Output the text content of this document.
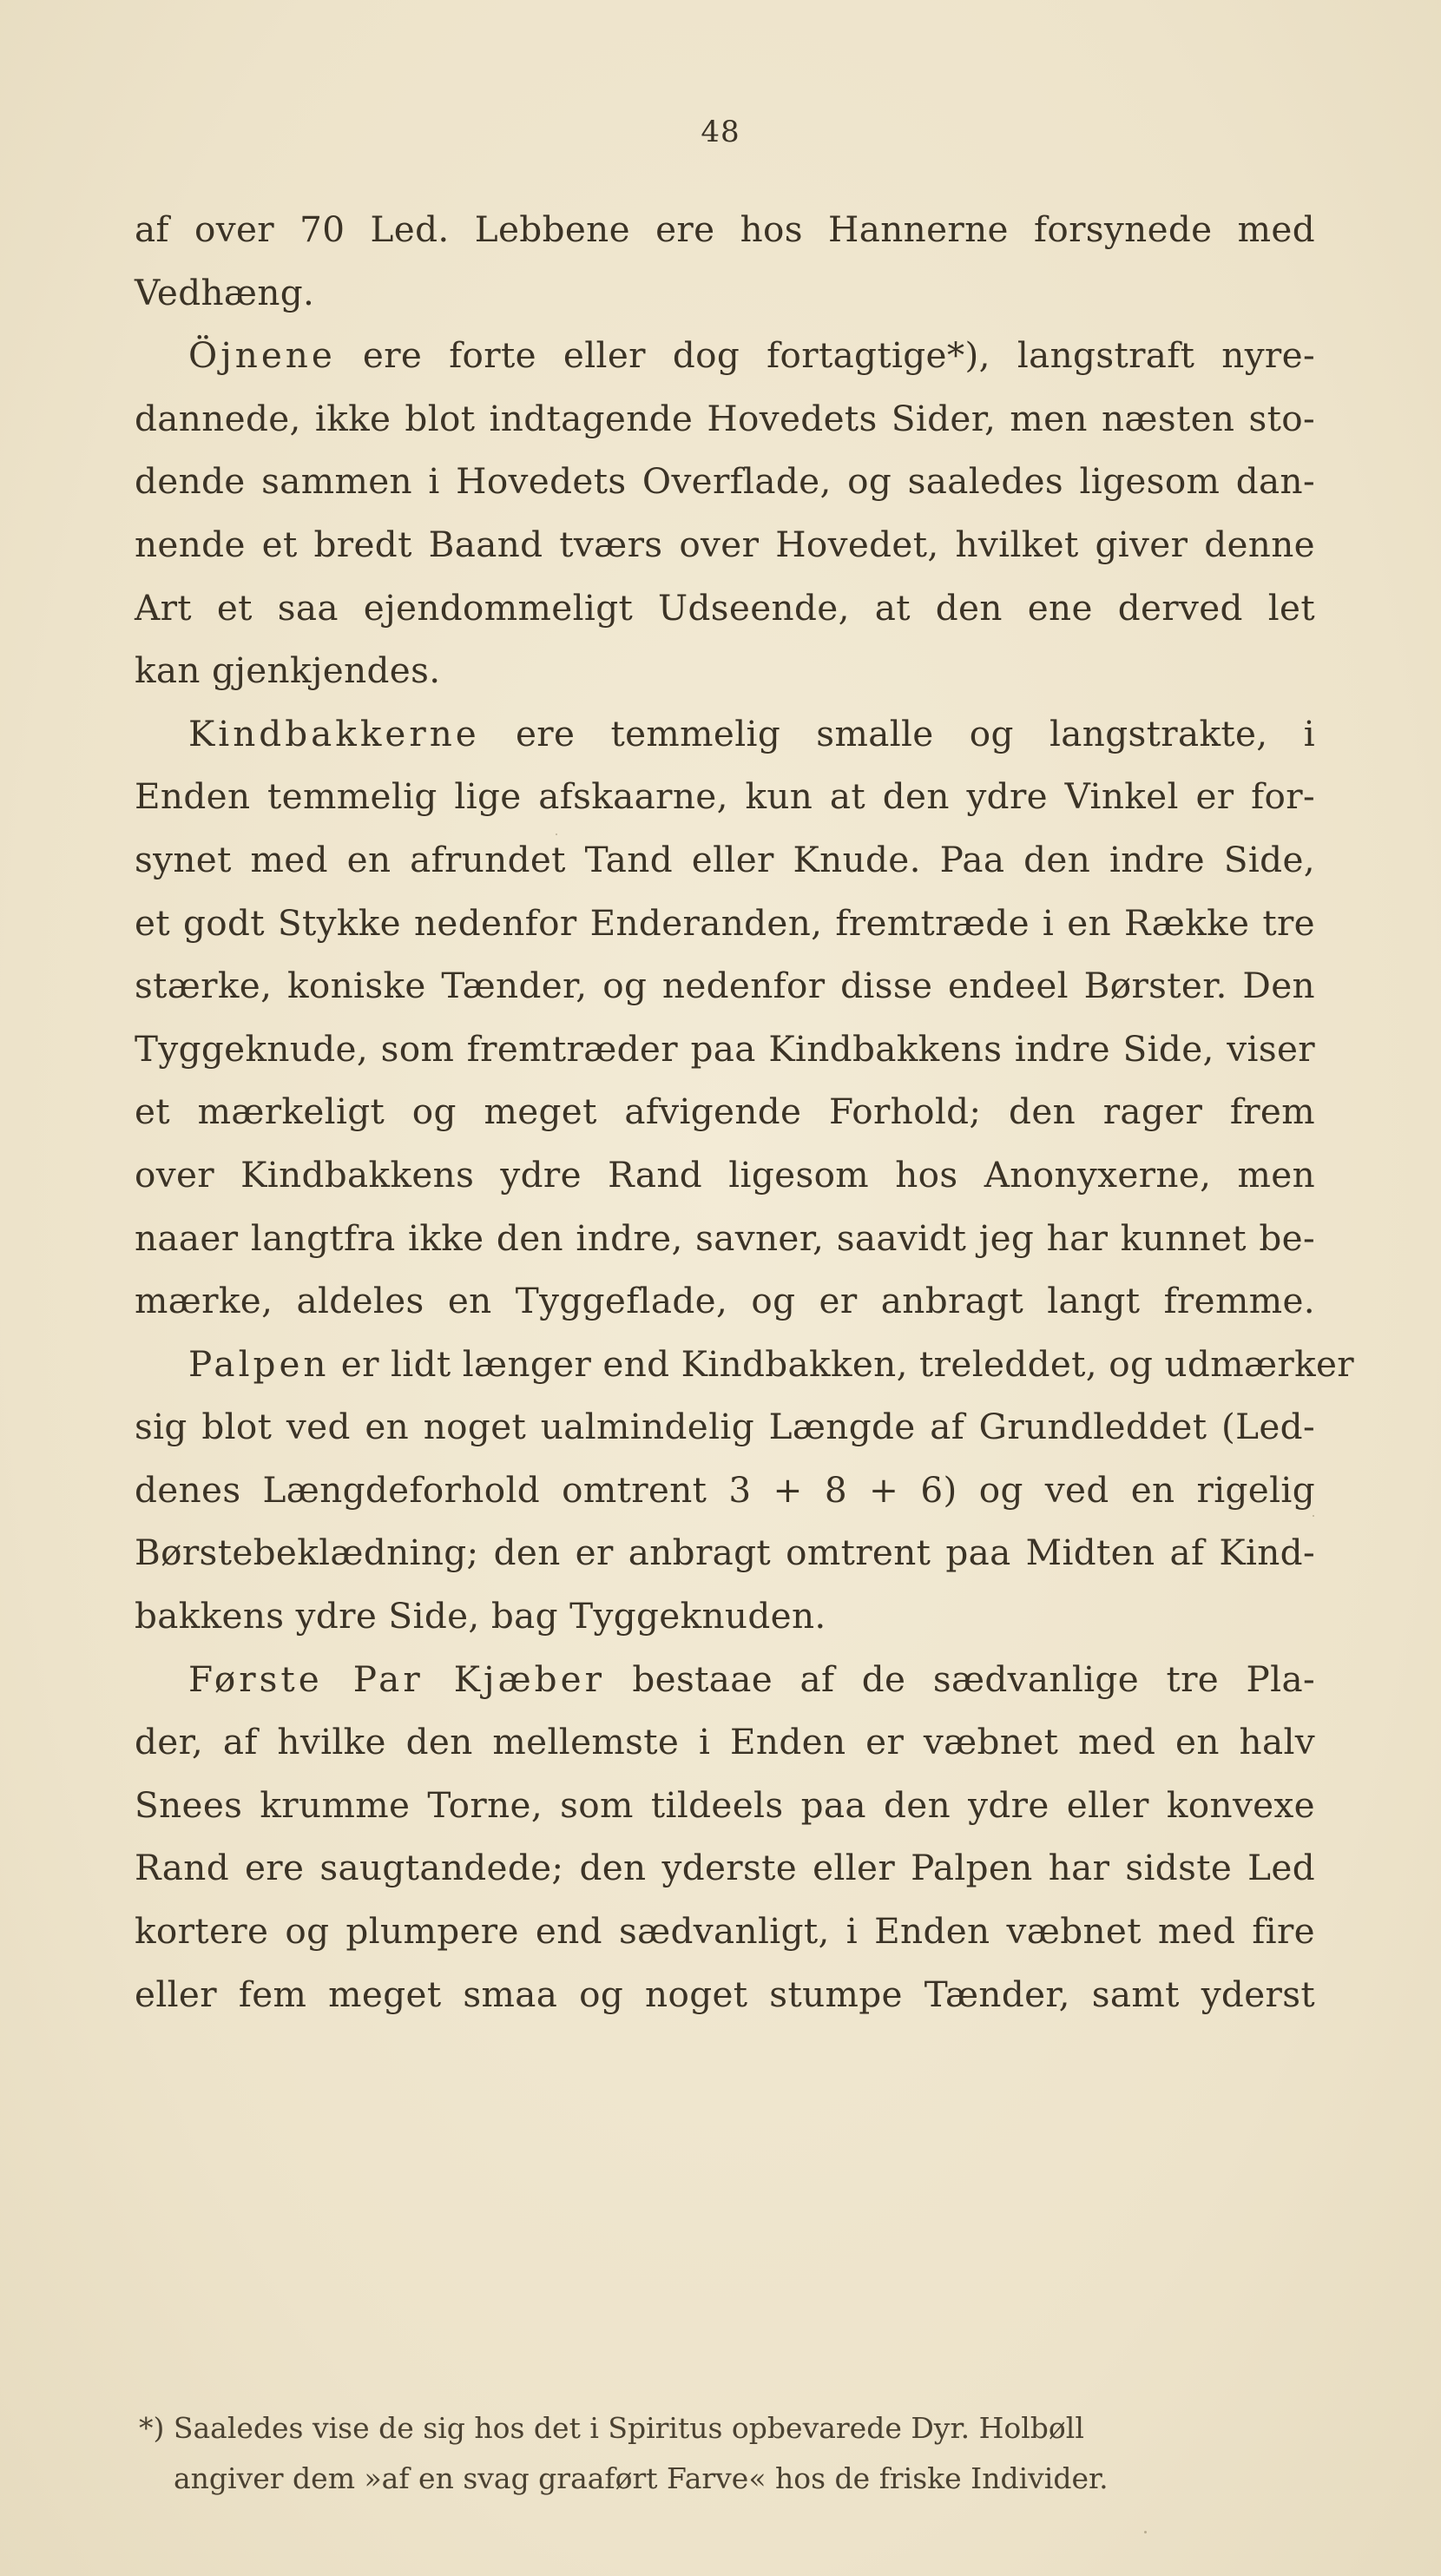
48
af over 70 Led. Lebbene ere hos Hannerne forsynede med
Vedhæng.
Öjnene ere forte eller dog fortagtige*), langstraft nyre-
dannede, ikke blot indtagende Hovedets Sider, men næsten sto-
dende sammen i Hovedets Overflade, og saaledes ligesom dan-
nende et bredt Baand tværs over Hovedet, hvilket giver denne
Art et saa ejendommeligt Udseende, at den ene derved let
kan gjenkjendes.
Kindbakkerne ere temmelig smalle og langstrakte, i
Enden temmelig lige afskaarne, kun at den ydre Vinkel er for-
synet med en afrundet Tand eller Knude. Paa den indre Side,
et godt Stykke nedenfor Enderanden, fremtræde i en Række tre
stærke, koniske Tænder, og nedenfor disse endeel Børster. Den
Tyggeknude, som fremtræder paa Kindbakkens indre Side, viser
et mærkeligt og meget afvigende Forhold; den rager frem
over Kindbakkens ydre Rand ligesom hos Anonyxerne, men
naaer langtfra ikke den indre, savner, saavidt jeg har kunnet be-
mærke, aldeles en Tyggeflade, og er anbragt langt fremme.
Palpen er lidt længer end Kindbakken, treleddet, og udmærker
sig blot ved en noget ualmindelig Længde af Grundleddet (Led-
denes Længdeforhold omtrent 3 + 8 + 6) og ved en rigelig
Børstebeklædning; den er anbragt omtrent paa Midten af Kind-
bakkens ydre Side, bag Tyggeknuden.
Første Par Kjæber bestaae af de sædvanlige tre Pla-
der, af hvilke den mellemste i Enden er væbnet med en halv
Snees krumme Torne, som tildeels paa den ydre eller konvexe
Rand ere saugtandede; den yderste eller Palpen har sidste Led
kortere og plumpere end sædvanligt, i Enden væbnet med fire
eller fem meget smaa og noget stumpe Tænder, samt yderst
*) Saaledes vise de sig hos det i Spiritus opbevarede Dyr. Holbøll
angiver dem »af en svag graaført Farve« hos de friske Individer.
